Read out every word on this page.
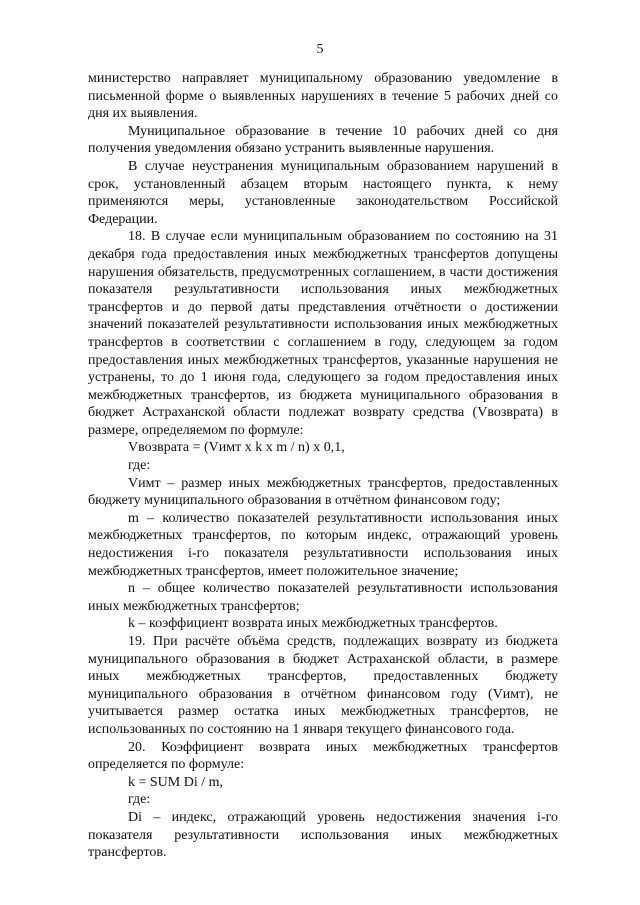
5

министерство направляет муниципальному образованию уведомление в письменной форме о выявленных нарушениях в течение 5 рабочих дней со дня их выявления.

Муниципальное образование в течение 10 рабочих дней со дня получения уведомления обязано устранить выявленные нарушения.

В случае неустранения муниципальным образованием нарушений в срок, установленный абзацем вторым настоящего пункта, к нему применяются меры, установленные законодательством Российской Федерации.

18. В случае если муниципальным образованием по состоянию на 31 декабря года предоставления иных межбюджетных трансфертов допущены нарушения обязательств, предусмотренных соглашением, в части достижения показателя результативности использования иных межбюджетных трансфертов и до первой даты представления отчётности о достижении значений показателей результативности использования иных межбюджетных трансфертов в соответствии с соглашением в году, следующем за годом предоставления иных межбюджетных трансфертов, указанные нарушения не устранены, то до 1 июня года, следующего за годом предоставления иных межбюджетных трансфертов, из бюджета муниципального образования в бюджет Астраханской области подлежат возврату средства (Vвозврата) в размере, определяемом по формуле:

Vвозврата = (Vимт x k x m / n) x 0,1,

где:

Vимт – размер иных межбюджетных трансфертов, предоставленных бюджету муниципального образования в отчётном финансовом году;

m – количество показателей результативности использования иных межбюджетных трансфертов, по которым индекс, отражающий уровень недостижения i-го показателя результативности использования иных межбюджетных трансфертов, имеет положительное значение;

n – общее количество показателей результативности использования иных межбюджетных трансфертов;

k – коэффициент возврата иных межбюджетных трансфертов.

19. При расчёте объёма средств, подлежащих возврату из бюджета муниципального образования в бюджет Астраханской области, в размере иных межбюджетных трансфертов, предоставленных бюджету муниципального образования в отчётном финансовом году (Vимт), не учитывается размер остатка иных межбюджетных трансфертов, не использованных по состоянию на 1 января текущего финансового года.

20. Коэффициент возврата иных межбюджетных трансфертов определяется по формуле:

k = SUM Di / m,

где:

Di – индекс, отражающий уровень недостижения значения i-го показателя результативности использования иных межбюджетных трансфертов.
